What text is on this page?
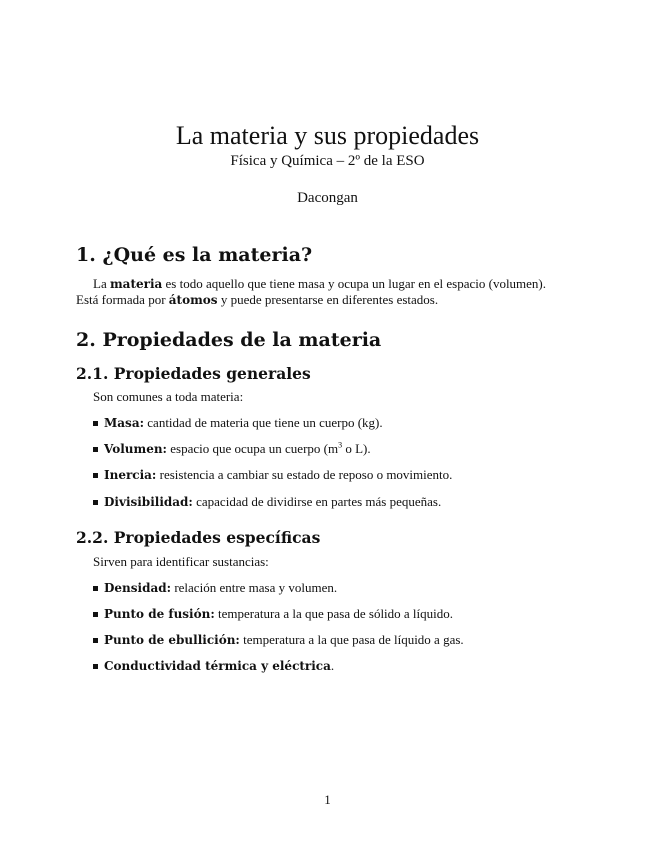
La materia y sus propiedades
Física y Química – 2º de la ESO
Dacongan
1. ¿Qué es la materia?
La materia es todo aquello que tiene masa y ocupa un lugar en el espacio (volumen).
Está formada por átomos y puede presentarse en diferentes estados.
2. Propiedades de la materia
2.1. Propiedades generales
Son comunes a toda materia:
Masa: cantidad de materia que tiene un cuerpo (kg).
Volumen: espacio que ocupa un cuerpo ($m^3$ o L).
Inercia: resistencia a cambiar su estado de reposo o movimiento.
Divisibilidad: capacidad de dividirse en partes más pequeñas.
2.2. Propiedades específicas
Sirven para identificar sustancias:
Densidad: relación entre masa y volumen.
Punto de fusión: temperatura a la que pasa de sólido a líquido.
Punto de ebullición: temperatura a la que pasa de líquido a gas.
Conductividad térmica y eléctrica.
1
